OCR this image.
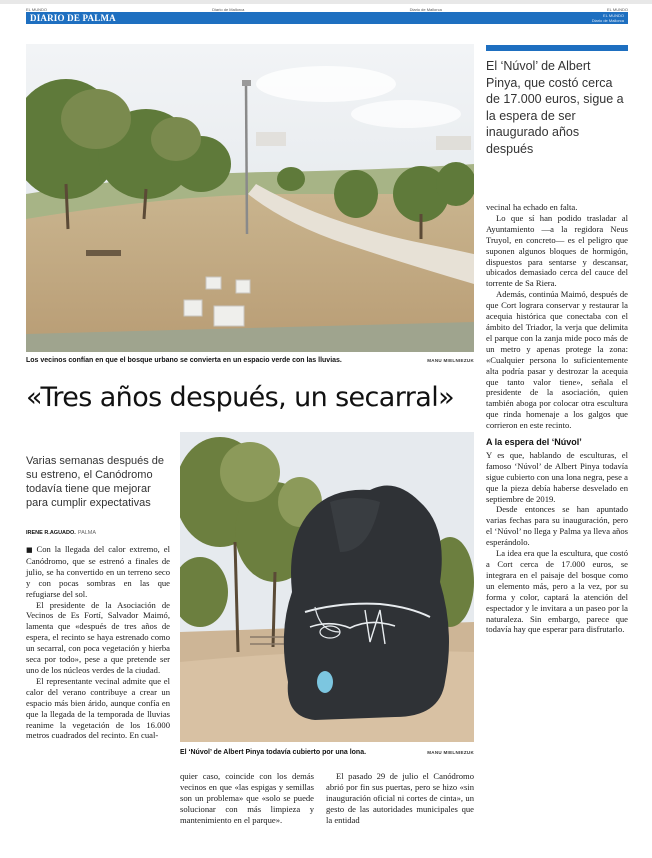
EL MUNDO	Diario de Mallorca	Diario de Mallorca	EL MUNDO
DIARIO DE PALMA	EL MUNDO
Diario de Mallorca
Los vecinos confían en que el bosque urbano se convierta en un espacio verde con las lluvias.	MANU MIELNIEZUK
El ‘Núvol’ de Albert Pinya, que costó cerca de 17.000 euros, sigue a la espera de ser inaugurado años después
«Tres años después, un secarral»
Varias semanas después de su estreno, el Canódromo todavía tiene que mejorar para cumplir expectativas
IRENE R.AGUADO. PALMA
El ‘Núvol’ de Albert Pinya todavía cubierto por una lona.	MANU MIELNIEZUK

■ Con la llegada del calor extremo, el Canódromo, que se estrenó a finales de julio, se ha convertido en un terreno seco y con pocas sombras en las que refugiarse del sol.

El presidente de la Asociación de Vecinos de Es Fortí, Salvador Maimó, lamenta que «después de tres años de espera, el recinto se haya estrenado como un secarral, con poca vegetación y hierba seca por todo», pese a que pretende ser uno de los núcleos verdes de la ciudad.

El representante vecinal admite que el calor del verano contribuye a crear un espacio más bien árido, aunque confía en que la llegada de la temporada de lluvias reanime la vegetación de los 16.000 metros cuadrados del recinto. En cual-

quier caso, coincide con los demás vecinos en que «las espigas y semillas son un problema» que «solo se puede solucionar con más limpieza y mantenimiento en el parque».

El pasado 29 de julio el Canódromo abrió por fin sus puertas, pero se hizo «sin inauguración oficial ni cortes de cinta», un gesto de las autoridades municipales que la entidad

vecinal ha echado en falta.

Lo que sí han podido trasladar al Ayuntamiento —a la regidora Neus Truyol, en concreto— es el peligro que suponen algunos bloques de hormigón, dispuestos para sentarse y descansar, ubicados demasiado cerca del cauce del torrente de Sa Riera.

Además, continúa Maimó, después de que Cort lograra conservar y restaurar la acequia histórica que conectaba con el ámbito del Triador, la verja que delimita el parque con la zanja mide poco más de un metro y apenas protege la zona: «Cualquier persona lo suficientemente alta podría pasar y destrozar la acequia que tanto valor tiene», señala el presidente de la asociación, quien también aboga por colocar otra escultura que rinda homenaje a los galgos que corrieron en este recinto.

A la espera del ‘Núvol’

Y es que, hablando de esculturas, el famoso ‘Núvol’ de Albert Pinya todavía sigue cubierto con una lona negra, pese a que la pieza debía haberse desvelado en septiembre de 2019.

Desde entonces se han apuntado varias fechas para su inauguración, pero el ‘Núvol’ no llega y Palma ya lleva años esperándolo.

La idea era que la escultura, que costó a Cort cerca de 17.000 euros, se integrara en el paisaje del bosque como un elemento más, pero a la vez, por su forma y color, captará la atención del espectador y le invitara a un paseo por la naturaleza. Sin embargo, parece que todavía hay que esperar para disfrutarlo.
